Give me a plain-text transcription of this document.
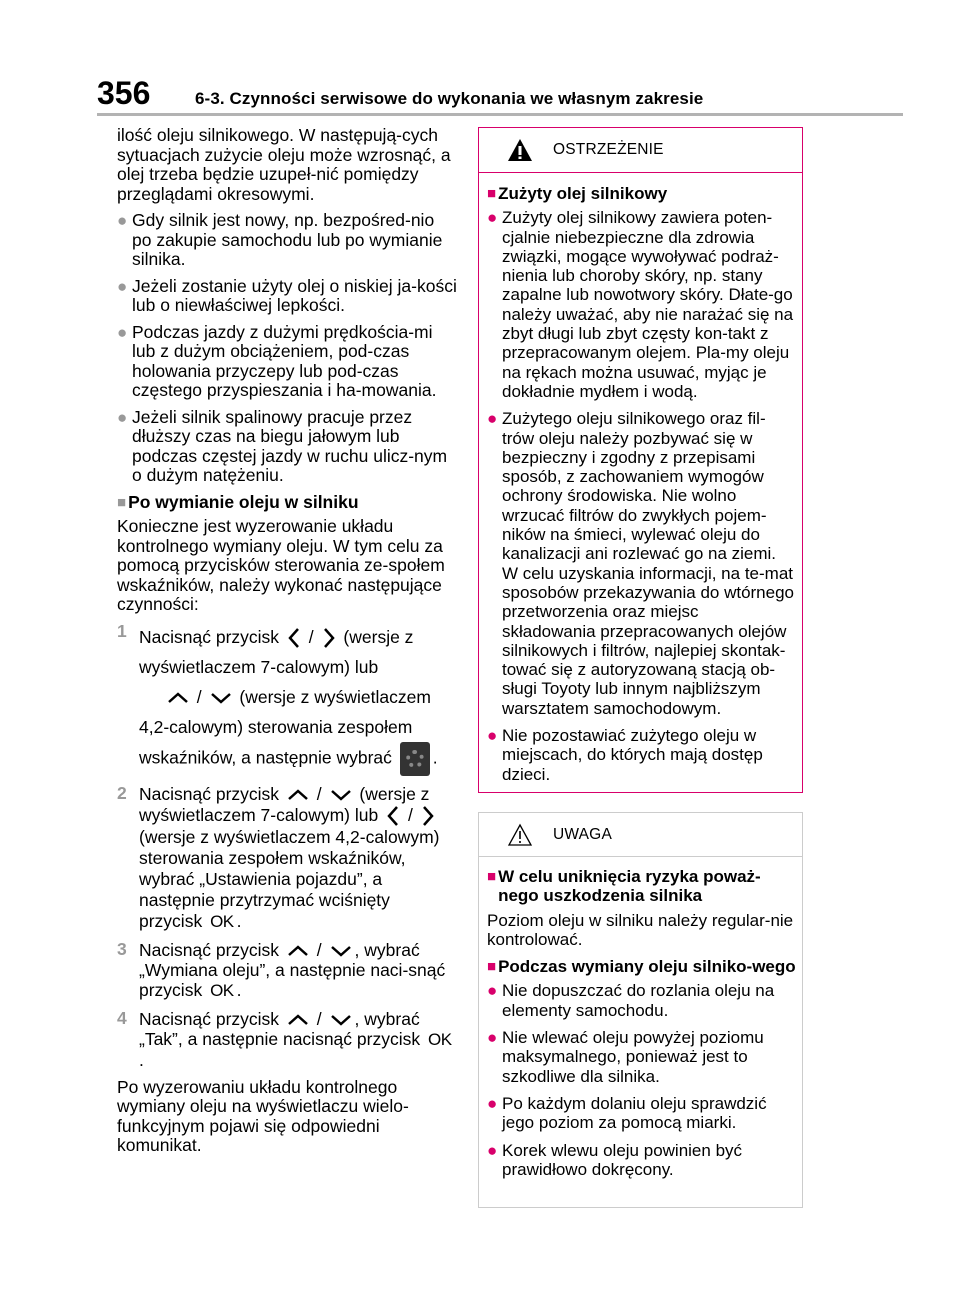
356	6-3. Czynności serwisowe do wykonania we własnym zakresie

ilość oleju silnikowego. W następują-cych sytuacjach zużycie oleju może wzrosnąć, a olej trzeba będzie uzupeł-nić pomiędzy przeglądami okresowymi.

● Gdy silnik jest nowy, np. bezpośred-nio po zakupie samochodu lub po wymianie silnika.
● Jeżeli zostanie użyty olej o niskiej ja-kości lub o niewłaściwej lepkości.
● Podczas jazdy z dużymi prędkościa-mi lub z dużym obciążeniem, pod-czas holowania przyczepy lub pod-czas częstego przyspieszania i ha-mowania.
● Jeżeli silnik spalinowy pracuje przez dłuższy czas na biegu jałowym lub podczas częstej jazdy w ruchu ulicz-nym o dużym natężeniu.
■ Po wymianie oleju w silniku

Konieczne jest wyzerowanie układu kontrolnego wymiany oleju. W tym celu za pomocą przycisków sterowania ze-społem wskaźników, należy wykonać następujące czynności:

1 Nacisnąć przycisk / (wersje z wyświetlaczem 7-calowym) lub
/ (wersje z wyświetlaczem 4,2-calowym) sterowania zespołem wskaźników, a następnie wybrać .
2 Nacisnąć przycisk / (wersje z wyświetlaczem 7-calowym) lub /  (wersje z wyświetlaczem 4,2-calowym) sterowania zespołem wskaźników, wybrać „Ustawienia pojazdu”, a następnie przytrzymać wciśnięty przycisk OK .
3 Nacisnąć przycisk / , wybrać „Wymiana oleju”, a następnie naci-snąć przycisk OK .
4 Nacisnąć przycisk / , wybrać „Tak”, a następnie nacisnąć przycisk OK.

Po wyzerowaniu układu kontrolnego wymiany oleju na wyświetlaczu wielo-funkcyjnym pojawi się odpowiedni komunikat.

OSTRZEŻENIE
■ Zużyty olej silnikowy
● Zużyty olej silnikowy zawiera poten-cjalnie niebezpieczne dla zdrowia związki, mogące wywoływać podraż-nienia lub choroby skóry, np. stany zapalne lub nowotwory skóry. Dłate-go należy uważać, aby nie narażać się na zbyt długi lub zbyt częsty kon-takt z przepracowanym olejem. Pla-my oleju na rękach można usuwać, myjąc je dokładnie mydłem i wodą.
● Zużytego oleju silnikowego oraz fil-trów oleju należy pozbywać się w bezpieczny i zgodny z przepisami sposób, z zachowaniem wymogów ochrony środowiska. Nie wolno wrzucać filtrów do zwykłych pojem-ników na śmieci, wylewać oleju do kanalizacji ani rozlewać go na ziemi. W celu uzyskania informacji, na te-mat sposobów przekazywania do wtórnego przetworzenia oraz miejsc składowania przepracowanych olejów silnikowych i filtrów, najlepiej skontak-tować się z autoryzowaną stacją ob-sługi Toyoty lub innym najbliższym warsztatem samochodowym.
● Nie pozostawiać zużytego oleju w miejscach, do których mają dostęp dzieci.
UWAGA
■ W celu uniknięcia ryzyka poważ-nego uszkodzenia silnika

Poziom oleju w silniku należy regular-nie kontrolować.

■ Podczas wymiany oleju silniko-wego
● Nie dopuszczać do rozlania oleju na elementy samochodu.
● Nie wlewać oleju powyżej poziomu maksymalnego, ponieważ jest to szkodliwe dla silnika.
● Po każdym dolaniu oleju sprawdzić jego poziom za pomocą miarki.
● Korek wlewu oleju powinien być prawidłowo dokręcony.
